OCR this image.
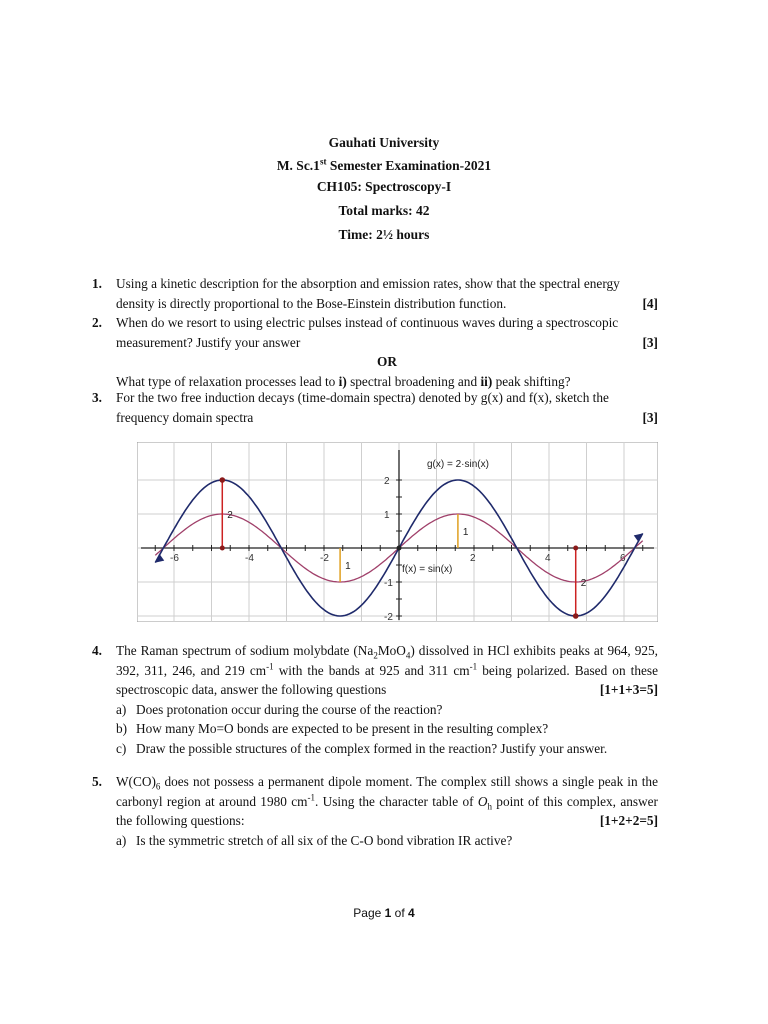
Gauhati University
M. Sc.1st Semester Examination-2021
CH105: Spectroscopy-I
Total marks: 42
Time: 2½ hours
1. Using a kinetic description for the absorption and emission rates, show that the spectral energy density is directly proportional to the Bose-Einstein distribution function.	[4]
2. When do we resort to using electric pulses instead of continuous waves during a spectroscopic measurement? Justify your answer	[3]
OR
What type of relaxation processes lead to i) spectral broadening and ii) peak shifting?
3. For the two free induction decays (time-domain spectra) denoted by g(x) and f(x), sketch the frequency domain spectra	[3]
-6	-4	-2	2	4	6
2
1
-1
-2
2
1
1
2
g(x) = 2·sin(x)
f(x) = sin(x)
4. The Raman spectrum of sodium molybdate $(Na_2MoO_4)$ dissolved in HCl exhibits peaks at 964, 925, 392, 311, 246, and 219 $cm^{-1}$ with the bands at 925 and 311 $cm^{-1}$ being polarized. Based on these spectroscopic data, answer the following questions	[1+1+3=5]
a) Does protonation occur during the course of the reaction?
b) How many Mo=O bonds are expected to be present in the resulting complex?
c) Draw the possible structures of the complex formed in the reaction? Justify your answer.
5. $W(CO)_6$ does not possess a permanent dipole moment. The complex still shows a single peak in the carbonyl region at around 1980 $cm^{-1}$. Using the character table of $O_h$ point of this complex, answer the following questions:	[1+2+2=5]
a) Is the symmetric stretch of all six of the C-O bond vibration IR active?
Page 1 of 4
